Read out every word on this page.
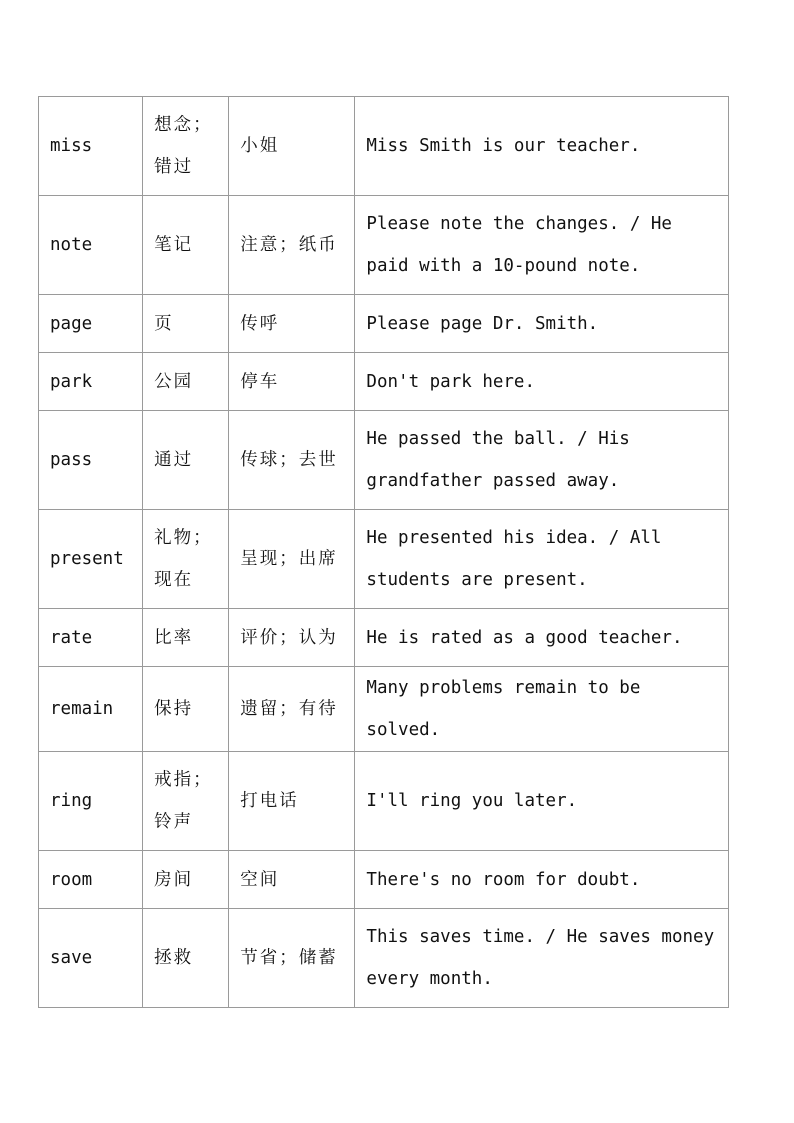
miss	想念；错过	小姐	Miss Smith is our teacher.
note	笔记	注意；纸币	Please note the changes. / He paid with a 10-pound note.
page	页	传呼	Please page Dr. Smith.
park	公园	停车	Don't park here.
pass	通过	传球；去世	He passed the ball. / His grandfather passed away.
present	礼物；现在	呈现；出席	He presented his idea. / All students are present.
rate	比率	评价；认为	He is rated as a good teacher.
remain	保持	遗留；有待	Many problems remain to be solved.
ring	戒指；铃声	打电话	I'll ring you later.
room	房间	空间	There's no room for doubt.
save	拯救	节省；储蓄	This saves time. / He saves money every month.
